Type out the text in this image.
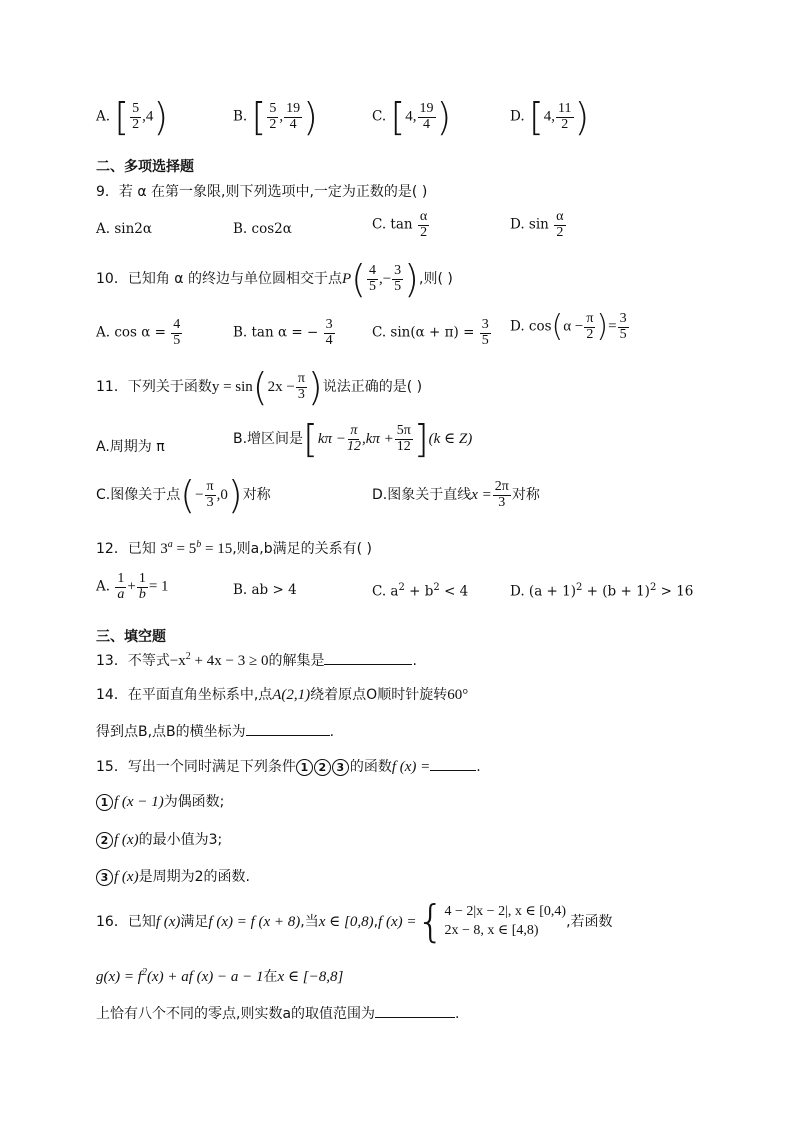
A. [ $\frac{5}{2} ,4$)	B. [ $\frac{5}{2}$ , $\frac{19}{4}$ )	C. [4, $\frac{19}{4}$ )	D. [4, $\frac{11}{2}$ )
二、多项选择题
9．若 α 在第一象限,则下列选项中,一定为正数的是( )
A. sin2α	B. cos2α	C. $\tan \frac{\alpha}{2}$	D. $\sin \frac{\alpha}{2}$
10．已知角 α 的终边与单位圆相交于点$P( \frac{4}{5}$ ,− $\frac{3}{5}$ ),则( )
A. $\cos \alpha = \frac{4}{5}$	B. tan α = − $\frac{3}{4}$	C. $\sin(\alpha + \pi) = \frac{3}{5} D$. $\cos(\alpha - \frac{\pi}{2}$ )= $\frac{3}{5}$
11．下列关于函数$y = \sin(2x - \frac{\pi}{3}$ )说法正确的是( )
A.周期为 π	B.增区间是$[k\pi - \frac{\pi}{12} ,k\pi + \frac{5\pi}{12} ](k$ ∈ Z)
C.图像关于点(− $\frac{\pi}{3} ,0$)对称	D.图象关于直线$x = \frac{2\pi}{3}$ 对称
12．已知 $3^a = 5^b = 15$,则a,b满足的关系有( )
A. $\frac{1}{a} + \frac{1}{b} = 1$	B. ab > 4	C. $a^2 + b^2 < 4$	D. $(a + 1)^2 + (b + 1)^2 > 16$
三、填空题
13．不等式$-x^2 + 4x - 3 \ge 0$的解集是	.
14．在平面直角坐标系中,点A(2,1)绕着原点O顺时针旋转60°
得到点B,点B的横坐标为	.
15．写出一个同时满足下列条件 1 2 3 的函数f (x) =	.
1 f (x − 1)为偶函数;
2 f (x)的最小值为3;
3 f (x)是周期为2的函数.
16．已知f (x)满足f (x) = f (x + 8),当x ∈ [0,8),f (x) ={ 4 − 2|x − 2|, x ∈ [0,4)
2x − 8, x ∈ [4,8)
,若函数
$g(x) = f^2(x)$ + af (x) − a − 1在x ∈ [−8,8]
上恰有八个不同的零点,则实数a的取值范围为	.
